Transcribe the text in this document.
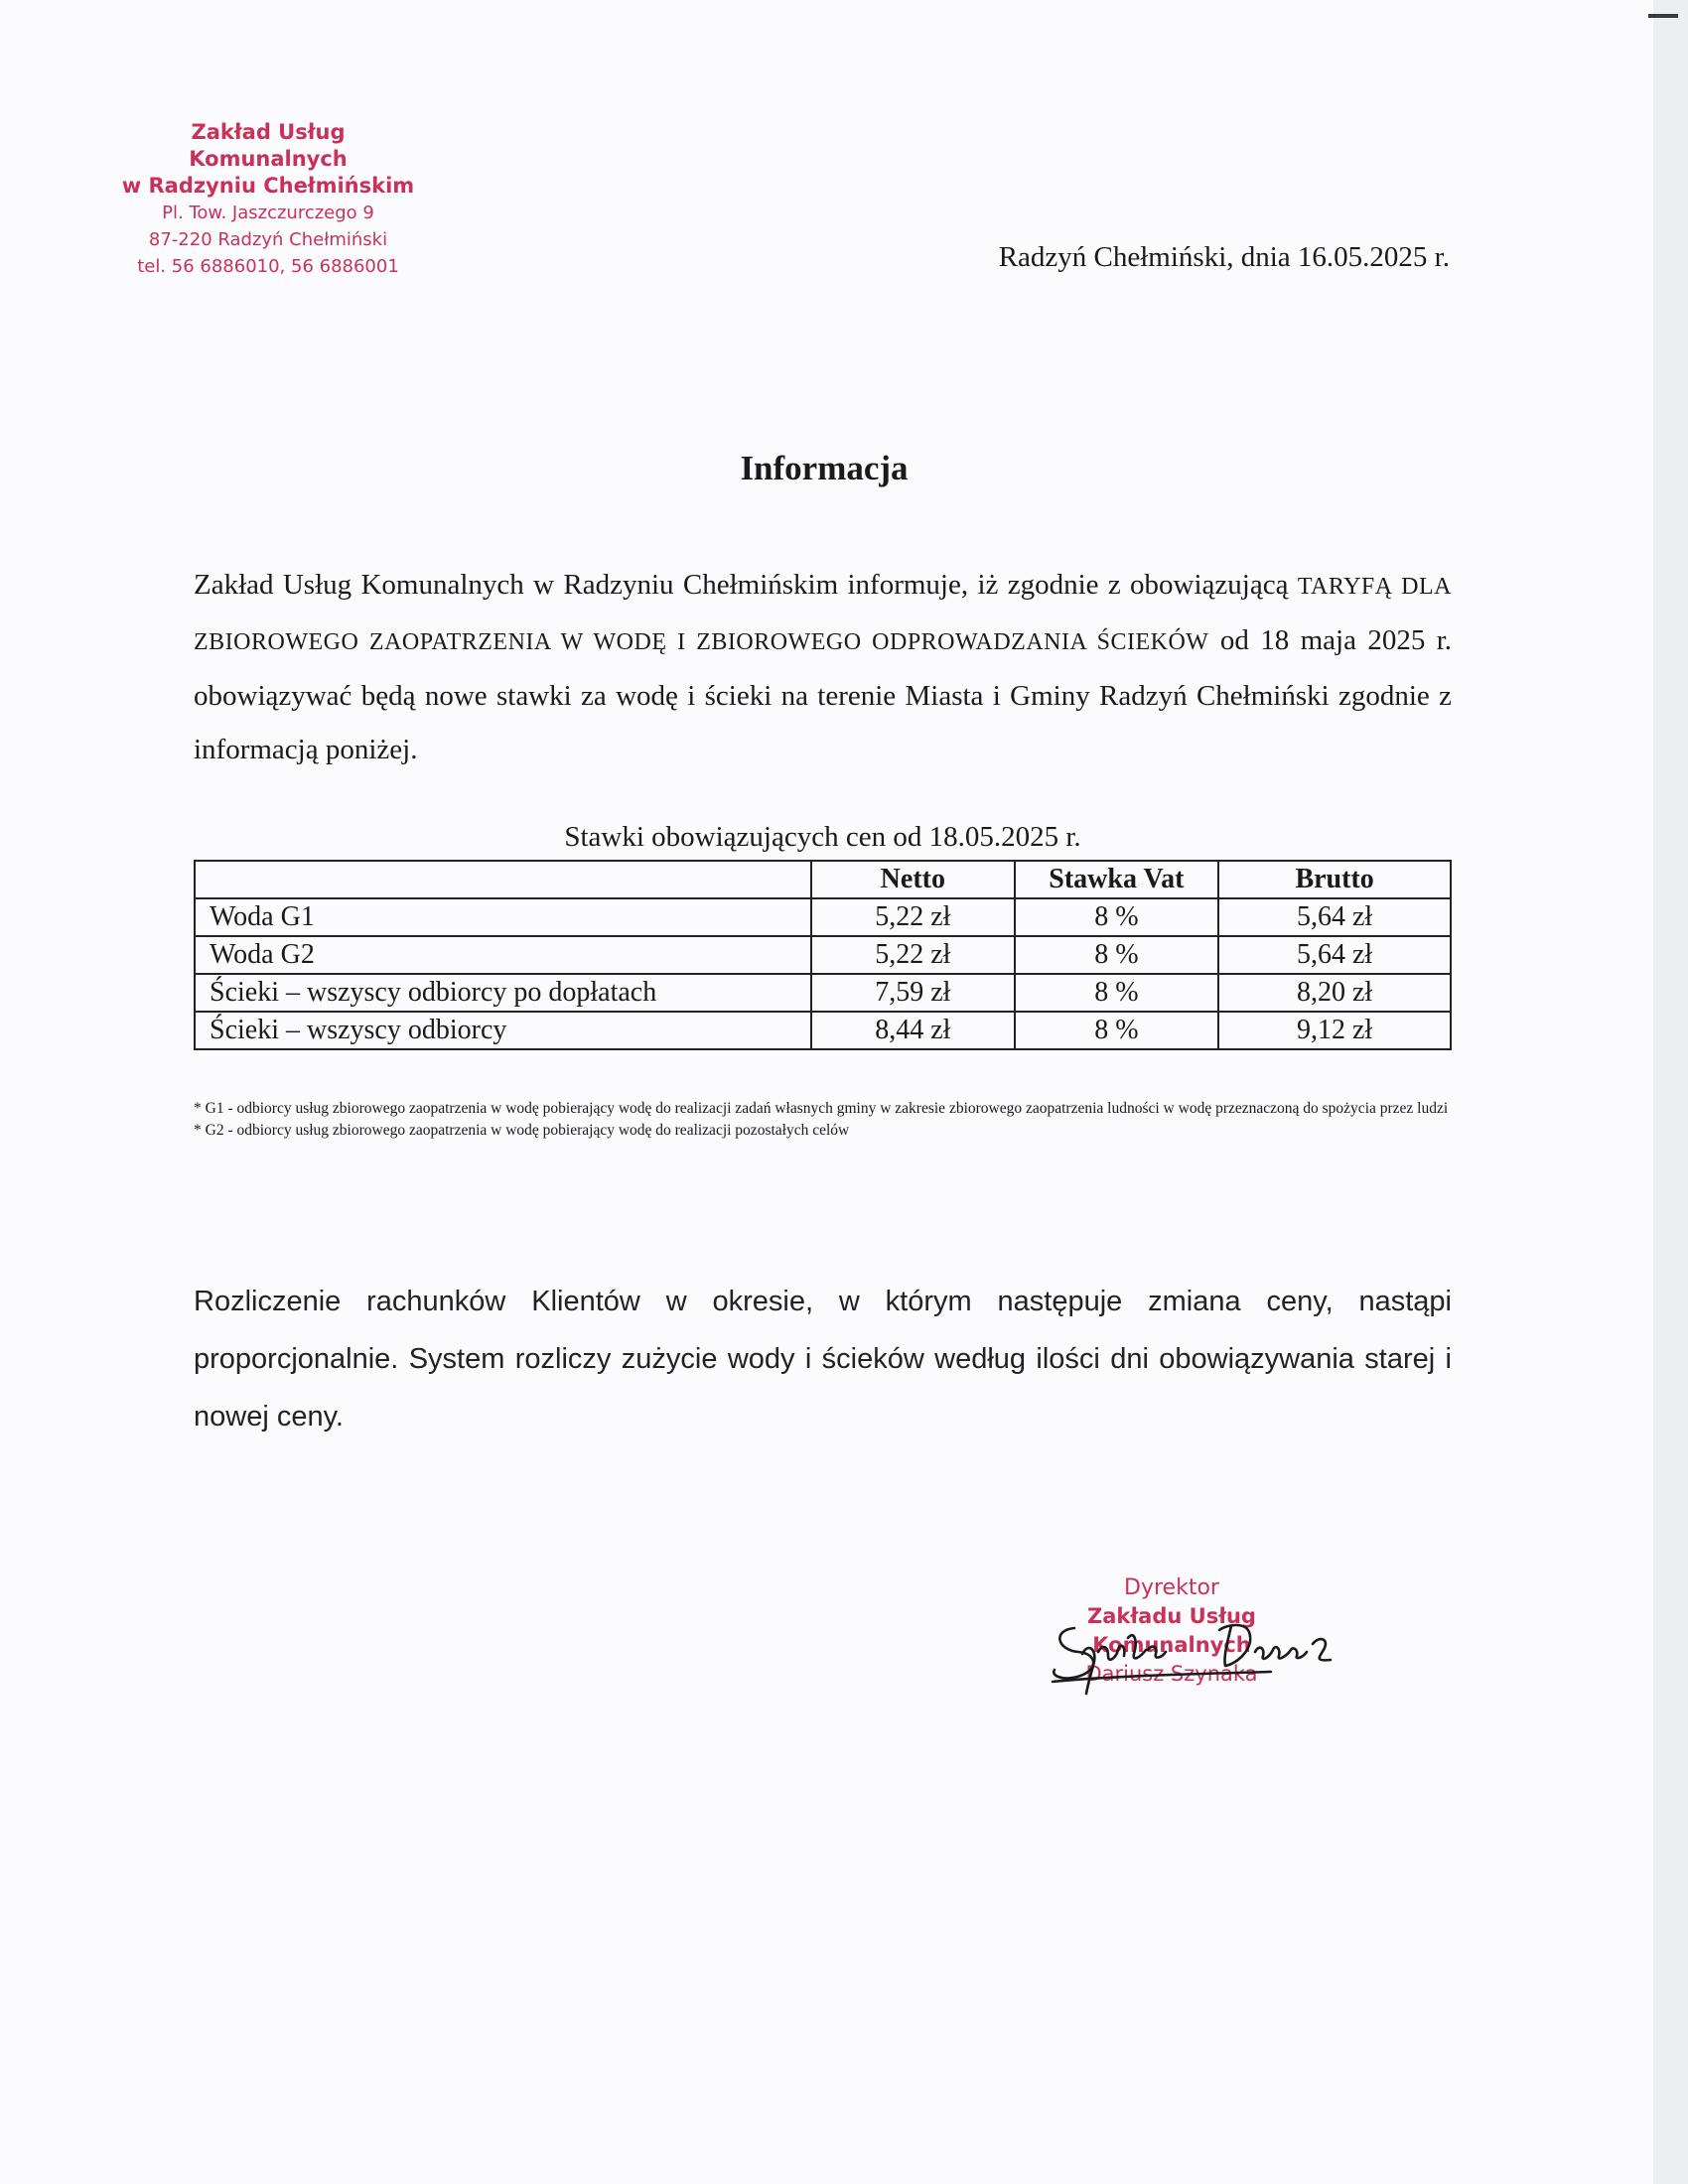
Zakład Usług Komunalnych
w Radzyniu Chełmińskim
Pl. Tow. Jaszczurczego 9
87-220 Radzyń Chełmiński
tel. 56 6886010, 56 6886001	Radzyń Chełmiński, dnia 16.05.2025 r.
Informacja
Zakład Usług Komunalnych w Radzyniu Chełmińskim informuje, iż zgodnie z obowiązującą TARYFĄ DLA ZBIOROWEGO ZAOPATRZENIA W WODĘ I ZBIOROWEGO ODPROWADZANIA ŚCIEKÓW od 18 maja 2025 r. obowiązywać będą nowe stawki za wodę i ścieki na terenie Miasta i Gminy Radzyń Chełmiński zgodnie z informacją poniżej.
Stawki obowiązujących cen od 18.05.2025 r.
	Netto	Stawka Vat	Brutto
Woda G1	5,22 zł	8 %	5,64 zł
Woda G2	5,22 zł	8 %	5,64 zł
Ścieki – wszyscy odbiorcy po dopłatach	7,59 zł	8 %	8,20 zł
Ścieki – wszyscy odbiorcy	8,44 zł	8 %	9,12 zł
* G1 - odbiorcy usług zbiorowego zaopatrzenia w wodę pobierający wodę do realizacji zadań własnych gminy w zakresie zbiorowego zaopatrzenia ludności w wodę przeznaczoną do spożycia przez ludzi
* G2 - odbiorcy usług zbiorowego zaopatrzenia w wodę pobierający wodę do realizacji pozostałych celów
Rozliczenie rachunków Klientów w okresie, w którym następuje zmiana ceny, nastąpi proporcjonalnie. System rozliczy zużycie wody i ścieków według ilości dni obowiązywania starej i nowej ceny.
Dyrektor
Zakładu Usług Komunalnych
Dariusz Szynaka
